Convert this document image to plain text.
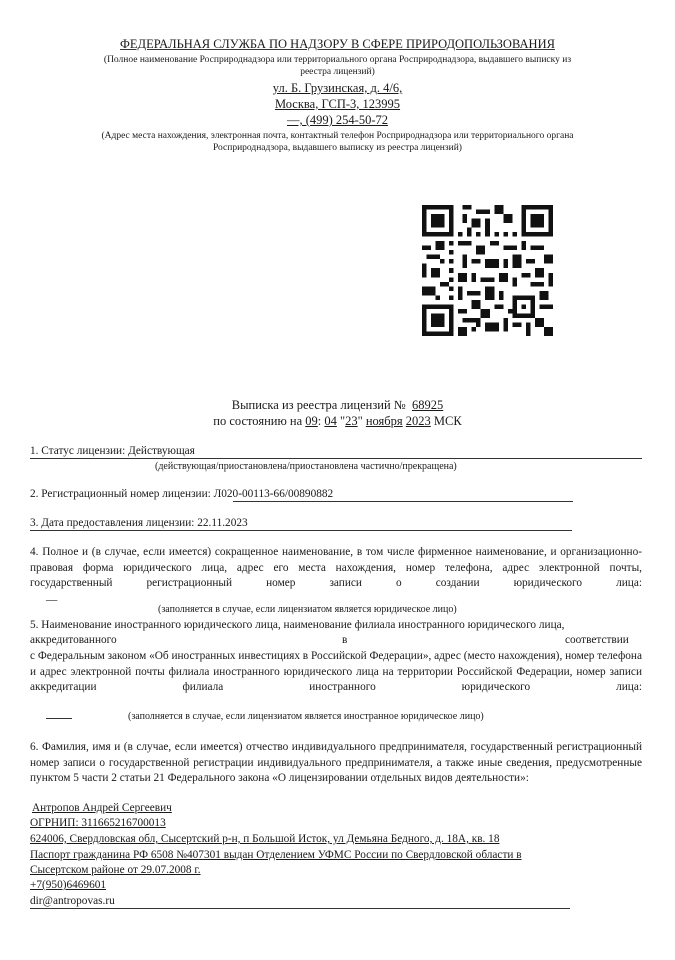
ФЕДЕРАЛЬНАЯ СЛУЖБА ПО НАДЗОРУ В СФЕРЕ ПРИРОДОПОЛЬЗОВАНИЯ
(Полное наименование Росприроднадзора или территориального органа Росприроднадзора, выдавшего выписку из
реестра лицензий)
ул. Б. Грузинская, д. 4/6,
Москва, ГСП-3, 123995
—, (499) 254-50-72
(Адрес места нахождения, электронная почта, контактный телефон Росприроднадзора или территориального органа
Росприроднадзора, выдавшего выписку из реестра лицензий)
Выписка из реестра лицензий № 68925
по состоянию на 09: 04 "23" ноября 2023 МСК
1. Статус лицензии: Действующая
(действующая/приостановлена/приостановлена частично/прекращена)
2. Регистрационный номер лицензии: Л020-00113-66/00890882
3. Дата предоставления лицензии: 22.11.2023
4. Полное и (в случае, если имеется) сокращенное наименование, в том числе фирменное наименование, и организационно-правовая форма юридического лица, адрес его места нахождения, номер телефона, адрес электронной почты, государственный регистрационный номер записи о создании юридического лица:
—
(заполняется в случае, если лицензиатом является юридическое лицо)
5. Наименование иностранного юридического лица, наименование филиала иностранного юридического лица,
аккредитованного	в	соответствии
с Федеральным законом «Об иностранных инвестициях в Российской Федерации», адрес (место нахождения), номер телефона и адрес электронной почты филиала иностранного юридического лица на территории Российской Федерации, номер записи аккредитации филиала иностранного юридического лица:
(заполняется в случае, если лицензиатом является иностранное юридическое лицо)
6. Фамилия, имя и (в случае, если имеется) отчество индивидуального предпринимателя, государственный регистрационный номер записи о государственной регистрации индивидуального предпринимателя, а также иные сведения, предусмотренные пунктом 5 части 2 статьи 21 Федерального закона «О лицензировании отдельных видов деятельности»:
Антропов Андрей Сергеевич
ОГРНИП: 311665216700013
624006, Свердловская обл, Сысертский р-н, п Большой Исток, ул Демьяна Бедного, д. 18А, кв. 18
Паспорт гражданина РФ 6508 №407301 выдан Отделением УФМС России по Свердловской области в
Сысертском районе от 29.07.2008 г.
+7(950)6469601
dir@antropovas.ru
